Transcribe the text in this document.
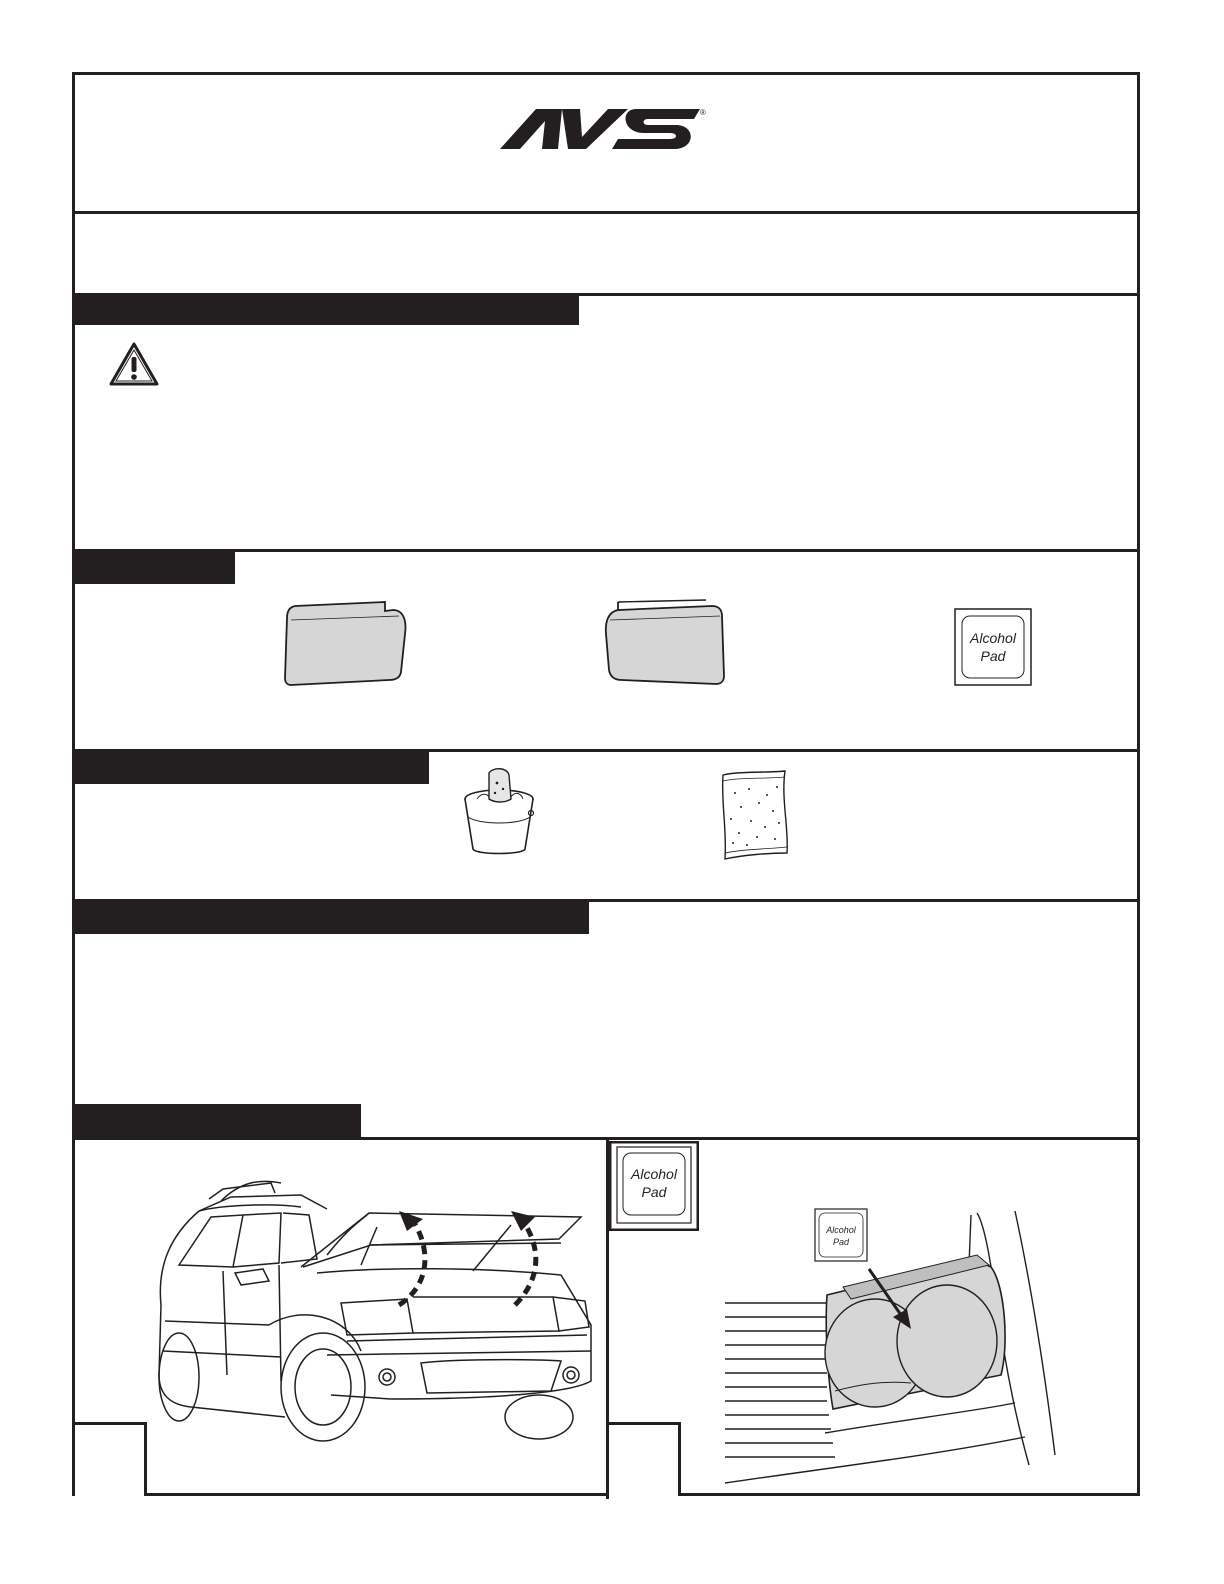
®
Alcohol
Pad
Alcohol
Pad
Alcohol
Pad
